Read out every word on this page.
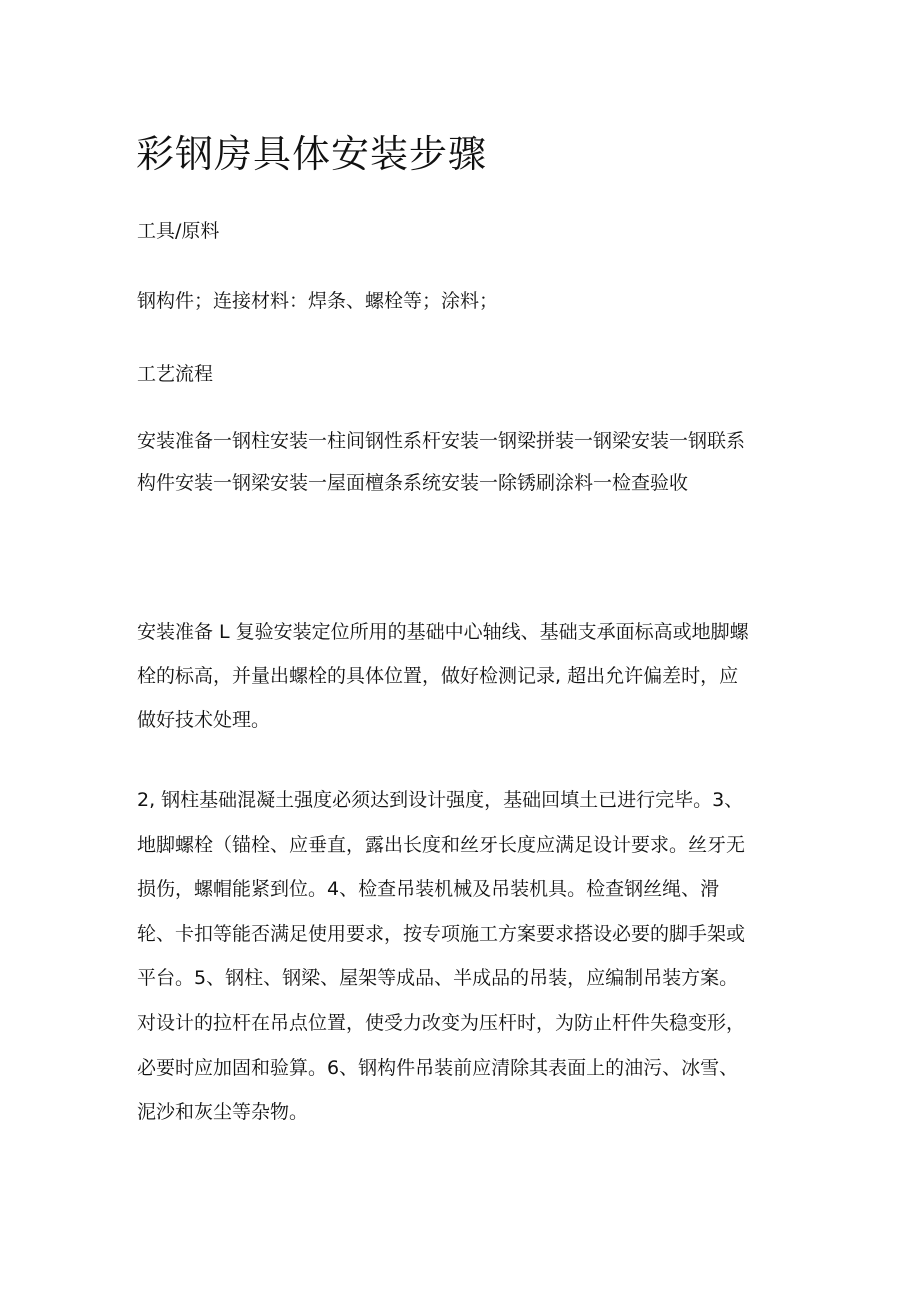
彩钢房具体安装步骤

工具/原料

钢构件；连接材料：焊条、螺栓等；涂料；

工艺流程

安装准备一钢柱安装一柱间钢性系杆安装一钢梁拼装一钢梁安装一钢联系
构件安装一钢梁安装一屋面檀条系统安装一除锈刷涂料一检查验收
安装准备 L 复验安装定位所用的基础中心轴线、基础支承面标高或地脚螺
栓的标高，并量出螺栓的具体位置，做好检测记录, 超出允许偏差时，应
做好技术处理。
2, 钢柱基础混凝土强度必须达到设计强度，基础回填土已进行完毕。3、
地脚螺栓（锚栓、应垂直，露出长度和丝牙长度应满足设计要求。丝牙无
损伤，螺帽能紧到位。4、检查吊装机械及吊装机具。检查钢丝绳、滑
轮、卡扣等能否满足使用要求，按专项施工方案要求搭设必要的脚手架或
平台。5、钢柱、钢梁、屋架等成品、半成品的吊装，应编制吊装方案。
对设计的拉杆在吊点位置，使受力改变为压杆时，为防止杆件失稳变形，
必要时应加固和验算。6、钢构件吊装前应清除其表面上的油污、冰雪、
泥沙和灰尘等杂物。
